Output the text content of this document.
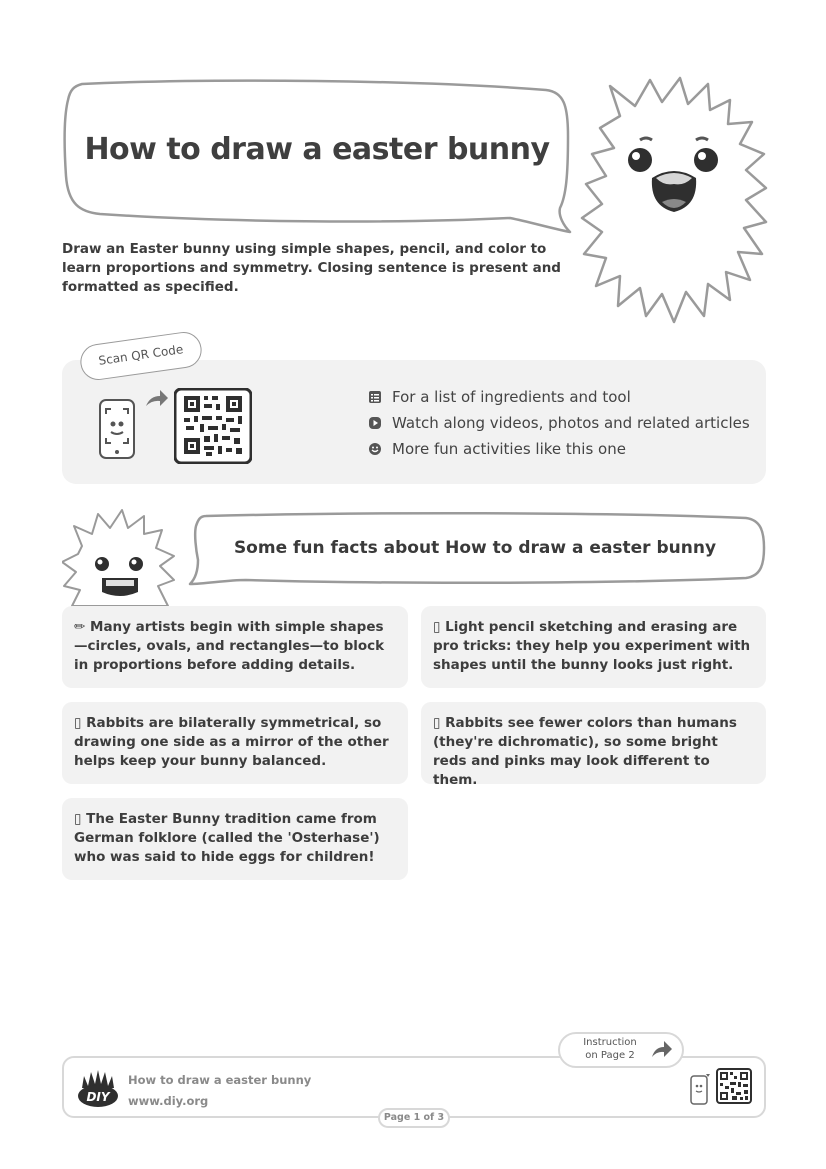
How to draw a easter bunny
Draw an Easter bunny using simple shapes, pencil, and color to learn proportions and symmetry. Closing sentence is present and formatted as specified.
Scan QR Code
For a list of ingredients and tool
Watch along videos, photos and related articles
More fun activities like this one
Some fun facts about How to draw a easter bunny
✏ Many artists begin with simple shapes—circles, ovals, and rectangles—to block in proportions before adding details.
▯ Light pencil sketching and erasing are pro tricks: they help you experiment with shapes until the bunny looks just right.
▯ Rabbits are bilaterally symmetrical, so drawing one side as a mirror of the other helps keep your bunny balanced.
▯ Rabbits see fewer colors than humans (they're dichromatic), so some bright reds and pinks may look different to them.
▯ The Easter Bunny tradition came from German folklore (called the 'Osterhase') who was said to hide eggs for children!
Instruction
on Page 2
DIY
How to draw a easter bunny
www.diy.org
Page 1 of 3
